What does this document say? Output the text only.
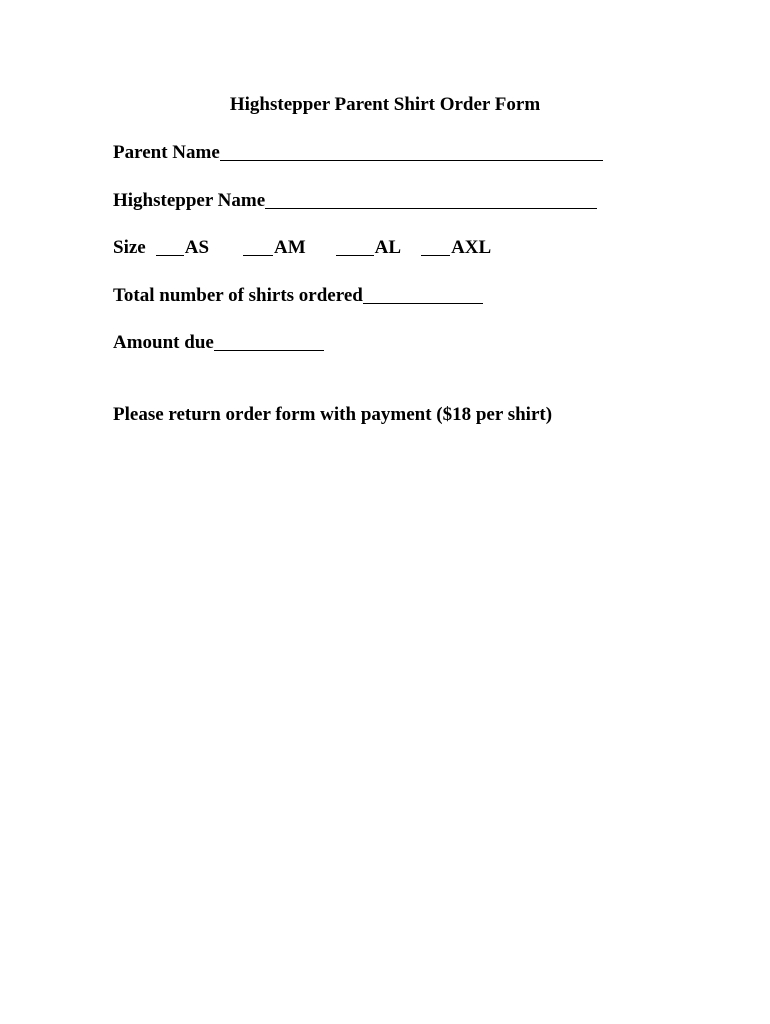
Highstepper Parent Shirt Order Form

Parent Name

Highstepper Name

Size AS	AM	AL	AXL

Total number of shirts ordered

Amount due

Please return order form with payment ($18 per shirt)
